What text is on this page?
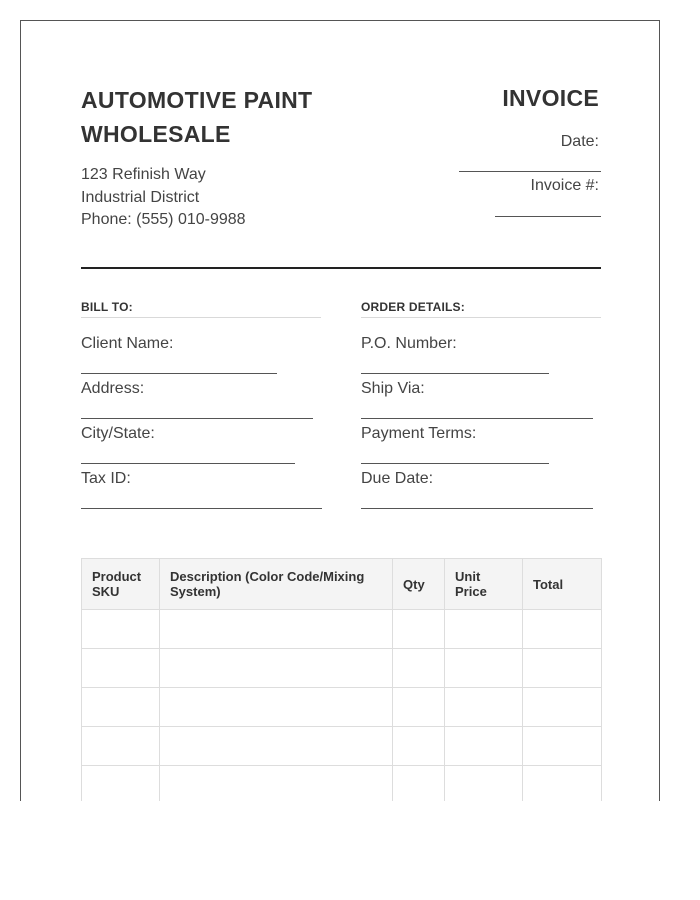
AUTOMOTIVE PAINT WHOLESALE
123 Refinish Way
Industrial District
Phone: (555) 010-9988
INVOICE
Date:
Invoice #:
BILL TO:
Client Name:
Address:
City/State:
Tax ID:
ORDER DETAILS:
P.O. Number:
Ship Via:
Payment Terms:
Due Date:
Product SKU	Description (Color Code/Mixing System)	Qty	Unit Price	Total
